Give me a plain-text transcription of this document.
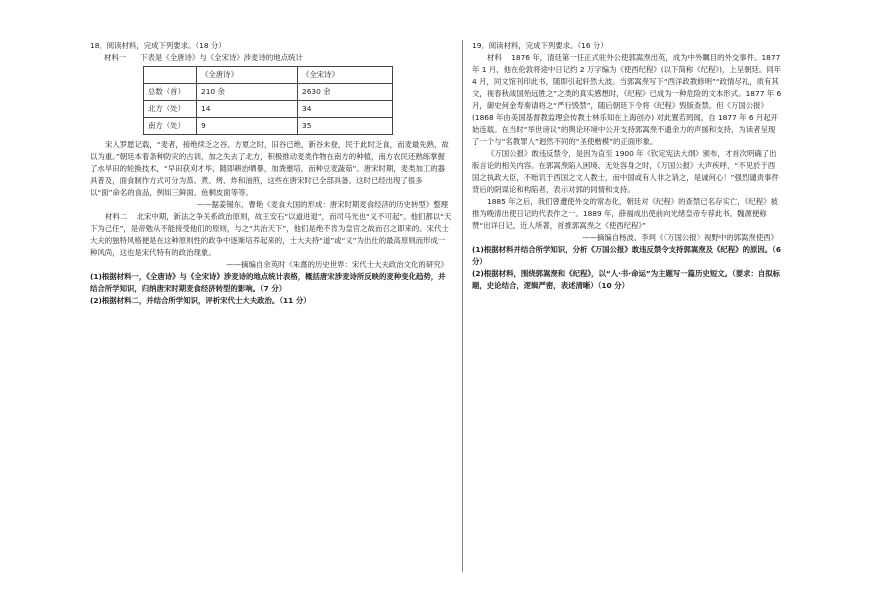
18．阅读材料，完成下列要求。（18 分）

材料一 下表是《全唐诗》与《全宋诗》涉麦诗的地点统计
	《全唐诗》	《全宋诗》
总数（首）	210 余	2630 余
北方（处）	14	34
南方（处）	9	35

宋人罗愿记载，“麦者，接绝续乏之谷。方夏之时，旧谷已绝，新谷未登，民于此时乏食，而麦最先熟，故以为重。”朝廷本着条种防灾的古训，加之失去了北方，积极推动麦类作物在南方的种植，南方农民还熟练掌握了水旱田的轮换技术，“早田获刈才毕，随即耕治晒暴，加粪壅培，而种豆麦蔬茹”。唐宋时期，麦类加工的器具普及，面食制作方式可分为蒸、煮、烤、炸和油煎，这些在唐宋时已全部具备。这时已经出现了很多以“面”命名的食品，例如三鲜面、鱼桐皮面等等。

——据姜锡东、曹艳《麦食大国的形成：唐宋时期麦食经济的历史转型》整理

材料二 北宋中期，新法之争关系政治原则，故王安石“以道进退”，而司马光也“义不可起”。他们都以“天下为己任”，是帝勉从不能接受他们的原则，与之“共治天下”，他们是绝不肯为皇官之故而召之即来的。宋代士大夫的独特风格便是在这种原则性的政争中逐渐培养起来的，士大夫持“道”或“义”为出仕的最高原则而形成一种风尚，这也是宋代特有的政治现象。

——摘编自余英时《朱熹的历史世界：宋代士大夫政治文化的研究》

(1)根据材料一，《全唐诗》与《全宋诗》涉麦诗的地点统计表格，概括唐宋涉麦诗所反映的麦种变化趋势，并结合所学知识，归纳唐宋时期麦食经济转型的影响。（7 分）

(2)根据材料二，并结合所学知识，评析宋代士大夫政治。（11 分）

19．阅读材料，完成下列要求。（16 分）

材料 1876 年，清廷第一任正式驻外公使郭嵩焘出英，成为中外瞩目的外交事件。1877 年 1 月，他在伦敦将途中日记约 2 万字编为《使西纪程》(以下简称《纪程》)，上呈朝廷。同年 4 月，同文馆刊印此书，随即引起轩然大波。当郭嵩焘写下“西洋政教修明”“政情尽礼，质有其文，视春秋战国殆远胜之”之类的真实感想时，《纪程》已成为一种危险的文本形式。1877 年 6 月，御史何金寿奏请将之“严行毁禁”，随后朝廷下令将《纪程》毁版查禁。但《万国公报》(1868 年由美国基督教监理会传教士林乐知在上海创办) 对此置若罔闻，自 1877 年 6 月起开始连载。在当时“举世谤议”的舆论环境中公开支持郭嵩焘不遗余力的声援和支持，为读者呈现了一个与“名教罪人”迥然不同的“圣使楷模”的正面形象。

《万国公报》敢违反禁令，是因为直至 1900 年《钦定宪法大纲》颁布，才首次明确了出版言论的相关内容。在郭嵩焘陷入困境、无处容身之时，《万国公报》大声疾呼，“不见於于西国之执政大臣，不贻讥于西国之文人教士，而中国或有人非之诮之，是诚何心！”强烈谴责事件背后的阴谋论和构陷者，表示对郭的同情和支持。

1885 年之后，我们曾遭使外交的常态化，朝廷对《纪程》的查禁已名存实亡，《纪程》被推为晚清出使日记的代表作之一。1889 年，薛福成出使前向光绪皇帝专荐此书。魏源便称赞“出详日记，近人所著，首推郭嵩焘之《使西纪程》”

——摘编自杨波、李珂《〈万国公报〉视野中的郭嵩焘使西》

(1)根据材料并结合所学知识，分析《万国公报》敢违反禁令支持郭嵩焘及《纪程》的原因。（6 分）

(2)根据材料，围绕郭嵩焘和《纪程》，以“人·书·命运”为主题写一篇历史短文。（要求：自拟标题，史论结合，逻辑严密，表述清晰）（10 分）
